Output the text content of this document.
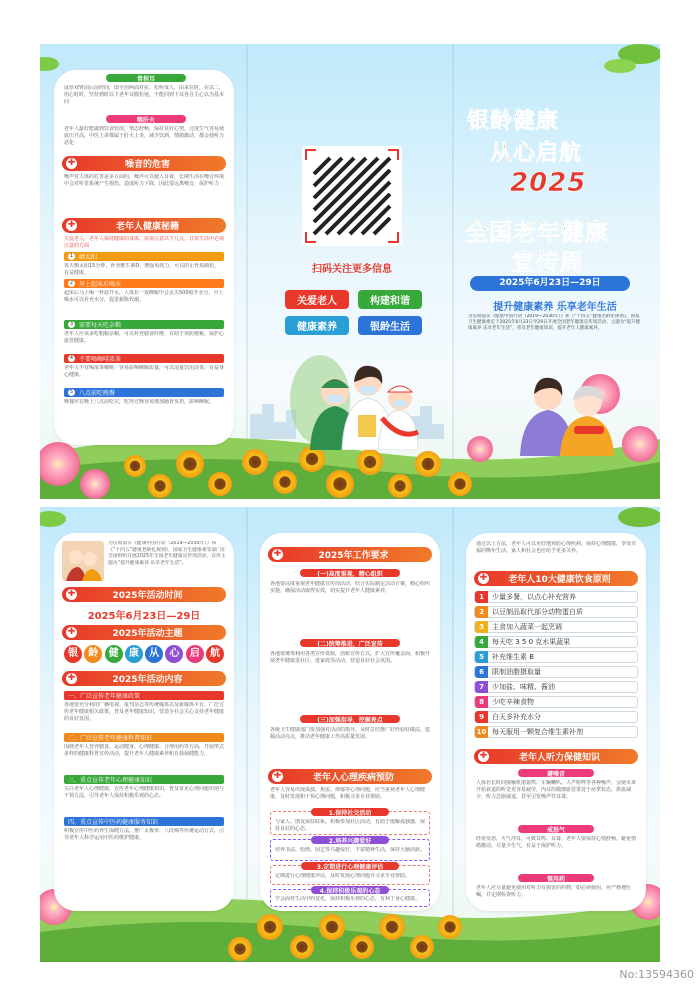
常捏耳
鼠厚双臂前后前经间，即全用两面对抗、松听成人，由来在时，在以二，用心时时，坚持到时以下老年耳膜松弛，不能回到下耳各自主心以为基本问
喉肝火
老年人最好能做到饮食轻淡，情志舒畅，保持良好心情，过度生气容易使血压升高，中医上讲都属于肝火上炎，减少饮酒，情绪激动，都会使听力恶化
✚	噪音的危害
噪声对人体的危害是多方面的，噪声可以使人耳聋，长期生活在噪音环境中会对听觉系统产生损伤，造成听力下降，因此要远离噪音，保护听力
✚	老年人健康秘籍
关爱老人，老年人保持健康的身体，需要注意以下几点，日常生活中必须注意的方面
1 晒太阳
每天晒太阳15分钟，补充维生素D，增强免疫力，可以防止骨质疏松，有益健康。
2 早上起床后喝水
起床后马上喝一杯温开水，人体在一夜睡眠中会丢失500毫升水分，早上喝水可以补充水分，促进新陈代谢。
3 需要每天吃杂粮
老年人应该多吃粗粮杂粮，可以补充膳食纤维，有助于预防便秘，保护心血管健康。
4 不要喝咖啡浓茶
老年人不宜喝浓茶咖啡，容易影响睡眠质量，可以适量饮用淡茶，有益身心健康。
5 八点前吃晚餐
晚餐应在晚上八点前吃完，吃得过晚容易增加肠胃负担，影响睡眠。
扫码关注更多信息
关爱老人	构建和谐
健康素养	银龄生活
银龄健康
从心启航
2025
全国老年健康
宣传周
2025年6月23日—29日
提升健康素养 乐享老年生活
为贯彻落实《健康中国行动（2019—2030年）》和《“十四五”健康老龄化规划》，国家卫生健康委定于2025年6月23日至29日开展全国老年健康宣传周活动，主题为“提升健康素养 乐享老年生活”，普及老年健康知识，提升老年人健康素养。
为贯彻落实《健康中国行动（2019—2030年）》和《“十四五”健康老龄化规划》，国家卫生健康委等部门在全国组织开展2025年全国老年健康宣传周活动，宣传主题为“提升健康素养 乐享老年生活”。
✚	2025年活动时间
2025年6月23日—29日
✚	2025年活动主题
银	龄	健	康	从	心	启	航
✚	2025年活动内容
一、广泛宣传老年健康政策
各地要充分利用广播电视、报刊杂志等传统媒体以及新媒体平台，广泛宣传老年健康相关政策，普及老年健康知识，营造全社会关心支持老年健康的良好氛围。
二、广泛宣传老年健康科普知识
围绕老年人营养膳食、运动健身、心理健康、合理用药等方面，开展形式多样的健康科普宣传活动，提升老年人健康素养和自我保健能力。
三、重点宣传老年心理健康知识
关注老年人心理健康，宣传老年心理健康知识，普及常见心理问题识别与干预方法，引导老年人保持积极乐观的心态。
四、重点宣传中医药健康服务知识
积极宣传中医药养生保健方法，推广太极拳、八段锦等传统运动方式，引导老年人科学运用中医药维护健康。
✚	2025年工作要求
(一)高度重视，精心组织
各地要高度重视老年健康宣传周活动，结合实际制定活动方案，精心组织实施，确保活动取得实效，切实提升老年人健康素养。
(二)统筹推进，广泛宣传
各地要统筹利用各类宣传资源，创新宣传方式，扩大宣传覆盖面，积极开展老年健康进社区、进家庭等活动，营造良好社会氛围。
(三)加强指导，挖掘亮点
各级卫生健康部门要加强对活动的指导，及时总结推广好经验好做法，挖掘活动亮点，推动老年健康工作高质量发展。
✚	老年人心理疾病预防
老年人容易出现孤独、焦虑、抑郁等心理问题，应当重视老年人心理健康，及时发现和干预心理问题，积极寻求专业帮助。
1.保持社交活动
与家人、朋友保持联系，积极参加社区活动，有助于缓解孤独感，保持良好的心态。
2.培养兴趣爱好
培养书法、绘画、园艺等兴趣爱好，丰富精神生活，保持大脑活跃。
3.定期进行心理健康评估
定期进行心理健康评估，及时发现心理问题并寻求专业帮助。
4.保持积极乐观的心态
学会面对生活中的变化，保持积极乐观的心态，有利于身心健康。
通过以上方法，老年人可以更好地预防心理疾病，保持心理健康，享受幸福的晚年生活。家人和社会也应给予更多关怀。
✚	老年人10大健康饮食原则
1	少量多餐，以点心补充营养
2	以豆制品取代部分动物蛋白质
3	主食加入蔬菜一起烹调
4	每天吃 3 5 0 克水果蔬果
5	补充维生素 B
6	限制油脂摄取量
7	少加盐、味精、酱油
8	少吃辛辣食物
9	白天多补充水分
10 每天服用一颗复合维生素补剂
✚	老年人听力保健知识
避噪音
人体若长时间接触机器轰鸣、车辆喇叭、人声喧哗等各种噪声，会使本来开始衰退的听觉更容易疲劳，内耳的微细血管常处于痉挛状态，供血减少，听力急剧减退，甚至引发噪声性耳聋。
戒怒气
经常发怒，火气冲耳，可致耳鸣、耳聋。老年人要保持心情舒畅，避免情绪激动，尽量少生气，有益于保护听力。
慎用药
老年人应尽量避免使用对听力有损害的药物，如必须使用，应严格遵医嘱，并定期检查听力。
No:13594360
